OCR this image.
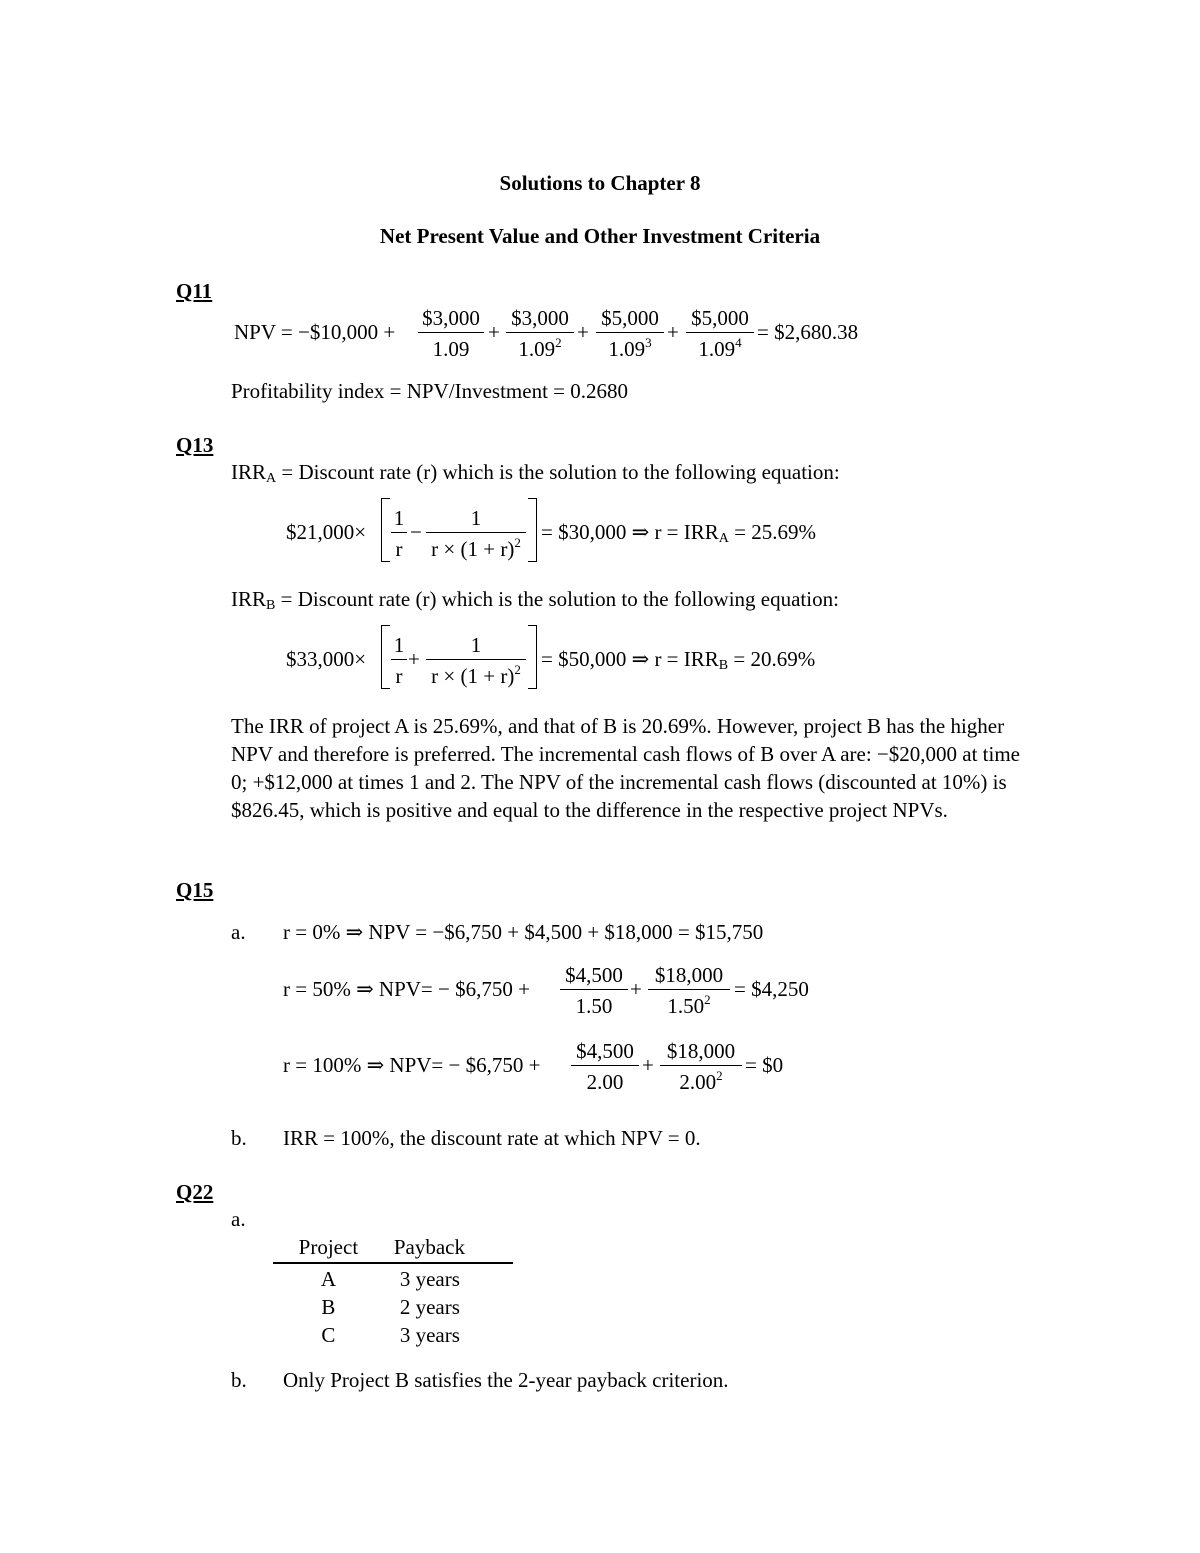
Solutions to Chapter 8
Net Present Value and Other Investment Criteria
Q11
NPV = −$10,000 + $\frac{\$3,000}{1.09} + \frac{\$3,000}{1.09^2} + \frac{\$5,000}{1.09^3} + \frac{\$5,000}{1.09^4}$ = $2,680.38
Profitability index = NPV/Investment = 0.2680
Q13
$IRR_A$ = Discount rate (r) which is the solution to the following equation:
$21,000× $\frac{1}{r} - \frac{1}{r \times (1 + r)^2}$ = $30,000 ⇒ $r = IRR_A = 25.69\%$
$IRR_B$ = Discount rate (r) which is the solution to the following equation:
$33,000× $\frac{1}{r} + \frac{1}{r \times (1 + r)^2}$ = $50,000 ⇒ $r = IRR_B = 20.69\%$
The IRR of project A is 25.69%, and that of B is 20.69%. However, project B has the higher NPV and therefore is preferred. The incremental cash flows of B over A are: −$20,000 at time 0; +$12,000 at times 1 and 2. The NPV of the incremental cash flows (discounted at 10%) is $826.45, which is positive and equal to the difference in the respective project NPVs.
Q15
a. r = 0% ⇒ NPV = −$6,750 + $4,500 + $18,000 = $15,750
r = 50% ⇒ NPV= − $6,750 + $\frac{\$4,500}{1.50} + \frac{\$18,000}{1.50^2}$ = $4,250
r = 100% ⇒ NPV= − $6,750 + $\frac{\$4,500}{2.00} + \frac{\$18,000}{2.00^2}$ = $0
b. IRR = 100%, the discount rate at which NPV = 0.
Q22
a.
Project	Payback
A	3 years
B	2 years
C	3 years
b. Only Project B satisfies the 2-year payback criterion.
